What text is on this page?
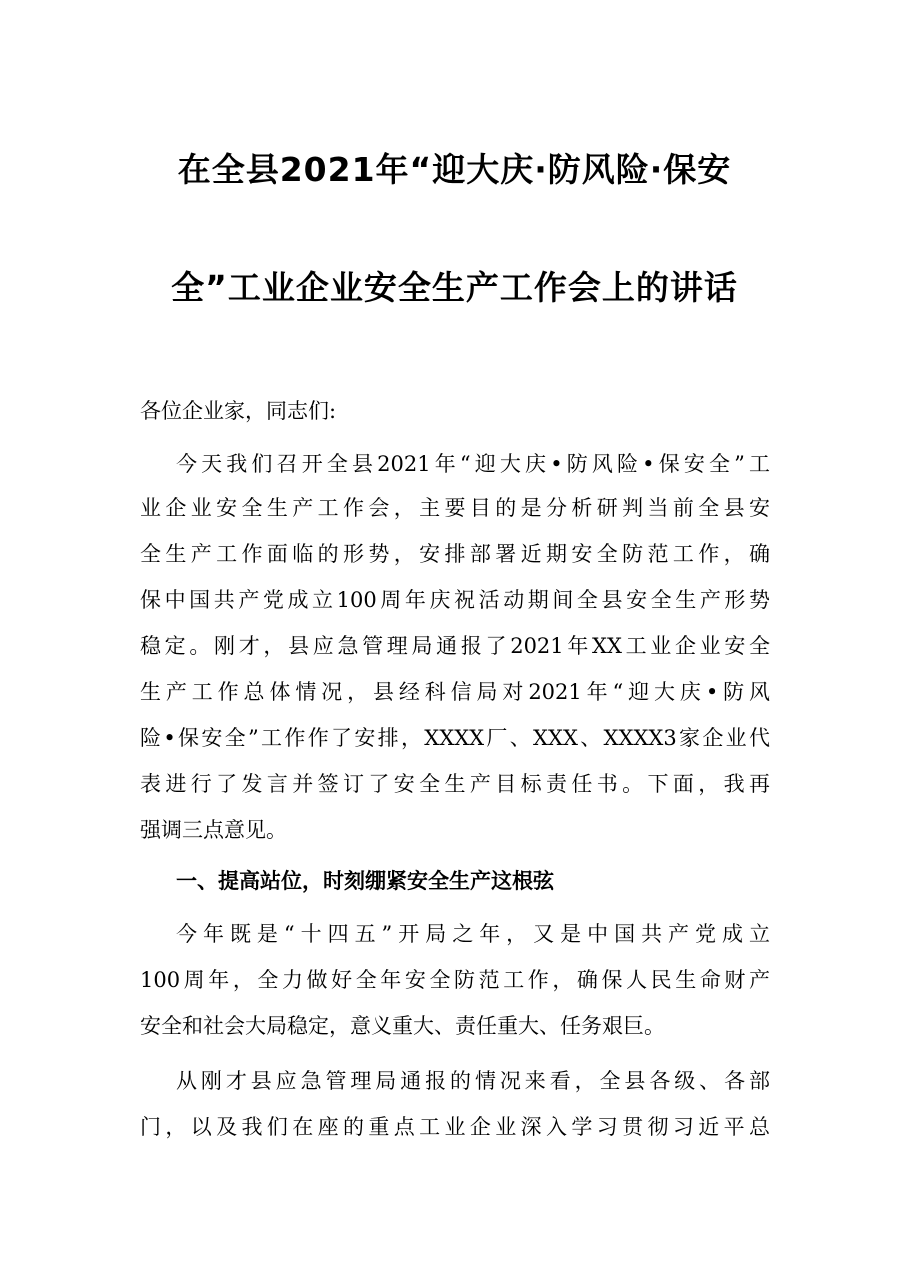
在全县2021年“迎大庆·防风险·保安
全”工业企业安全生产工作会上的讲话
各位企业家，同志们:
今天我们召开全县2021年“迎大庆•防风险•保安全”工
业企业安全生产工作会，主要目的是分析研判当前全县安
全生产工作面临的形势，安排部署近期安全防范工作，确
保中国共产党成立100周年庆祝活动期间全县安全生产形势
稳定。刚才，县应急管理局通报了2021年XX工业企业安全
生产工作总体情况，县经科信局对2021年“迎大庆•防风
险•保安全”工作作了安排，XXXX厂、XXX、XXXX3家企业代
表进行了发言并签订了安全生产目标责任书。下面，我再
强调三点意见。
一、提高站位，时刻绷紧安全生产这根弦
今年既是“十四五”开局之年，又是中国共产党成立
100周年，全力做好全年安全防范工作，确保人民生命财产
安全和社会大局稳定，意义重大、责任重大、任务艰巨。
从刚才县应急管理局通报的情况来看，全县各级、各部
门，以及我们在座的重点工业企业深入学习贯彻习近平总
